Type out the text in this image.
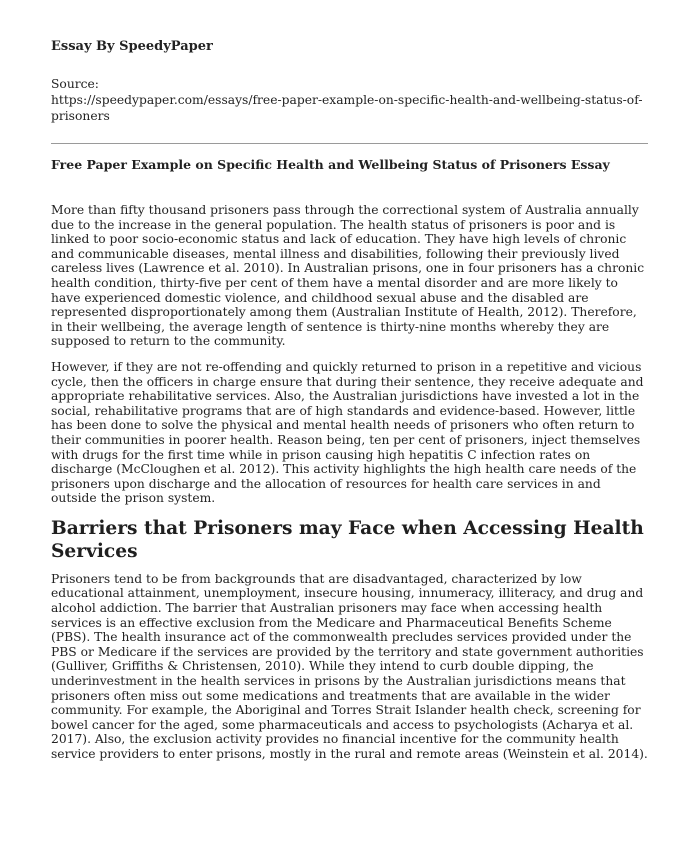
Essay By SpeedyPaper
Source:

https://speedypaper.com/essays/free-paper-example-on-specific-health-and-wellbeing-status-of-prisoners

Free Paper Example on Specific Health and Wellbeing Status of Prisoners Essay

More than fifty thousand prisoners pass through the correctional system of Australia annually due to the increase in the general population. The health status of prisoners is poor and is linked to poor socio-economic status and lack of education. They have high levels of chronic and communicable diseases, mental illness and disabilities, following their previously lived careless lives (Lawrence et al. 2010). In Australian prisons, one in four prisoners has a chronic health condition, thirty-five per cent of them have a mental disorder and are more likely to have experienced domestic violence, and childhood sexual abuse and the disabled are represented disproportionately among them (Australian Institute of Health, 2012). Therefore, in their wellbeing, the average length of sentence is thirty-nine months whereby they are supposed to return to the community.

However, if they are not re-offending and quickly returned to prison in a repetitive and vicious cycle, then the officers in charge ensure that during their sentence, they receive adequate and appropriate rehabilitative services. Also, the Australian jurisdictions have invested a lot in the social, rehabilitative programs that are of high standards and evidence-based. However, little has been done to solve the physical and mental health needs of prisoners who often return to their communities in poorer health. Reason being, ten per cent of prisoners, inject themselves with drugs for the first time while in prison causing high hepatitis C infection rates on discharge (McCloughen et al. 2012). This activity highlights the high health care needs of the prisoners upon discharge and the allocation of resources for health care services in and outside the prison system.

Barriers that Prisoners may Face when Accessing Health Services

Prisoners tend to be from backgrounds that are disadvantaged, characterized by low educational attainment, unemployment, insecure housing, innumeracy, illiteracy, and drug and alcohol addiction. The barrier that Australian prisoners may face when accessing health services is an effective exclusion from the Medicare and Pharmaceutical Benefits Scheme (PBS). The health insurance act of the commonwealth precludes services provided under the PBS or Medicare if the services are provided by the territory and state government authorities (Gulliver, Griffiths & Christensen, 2010). While they intend to curb double dipping, the underinvestment in the health services in prisons by the Australian jurisdictions means that prisoners often miss out some medications and treatments that are available in the wider community. For example, the Aboriginal and Torres Strait Islander health check, screening for bowel cancer for the aged, some pharmaceuticals and access to psychologists (Acharya et al. 2017). Also, the exclusion activity provides no financial incentive for the community health service providers to enter prisons, mostly in the rural and remote areas (Weinstein et al. 2014).
